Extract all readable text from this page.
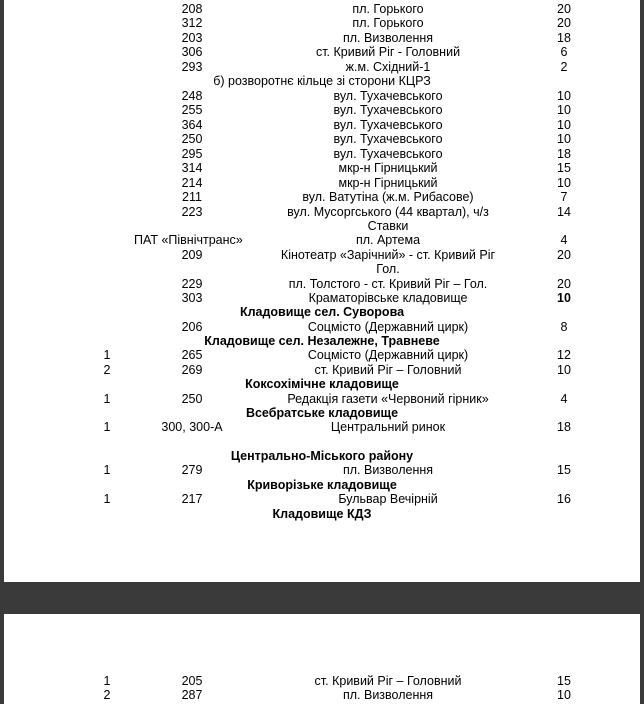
208	пл. Горького	20
312	пл. Горького	20
203	пл. Визволення	18
306	ст. Кривий Ріг - Головний	6
293	ж.м. Східний-1	2
б) розворотнє кільце зі сторони КЦРЗ
248	вул. Тухачевського	10
255	вул. Тухачевського	10
364	вул. Тухачевського	10
250	вул. Тухачевського	10
295	вул. Тухачевського	18
314	мкр-н Гірницький	15
214	мкр-н Гірницький	10
211	вул. Ватутіна (ж.м. Рибасове)	7
223	вул. Мусоргського (44 квартал), ч/з	14
Ставки
ПАТ «Північтранс»	пл. Артема	4
209	Кінотеатр «Зарічний» - ст. Кривий Ріг	20
Гол.
229	пл. Толстого - ст. Кривий Ріг – Гол.	20
303	Краматорівське кладовище	10
Кладовище сел. Суворова
206	Соцмісто (Державний цирк)	8
Кладовище сел. Незалежне, Травневе
1	265	Соцмісто (Державний цирк)	12
2	269	ст. Кривий Ріг – Головний	10
Коксохімічне кладовище
1	250	Редакція газети «Червоний гірник»	4
Всебратське кладовище
1	300, 300-А	Центральний ринок	18
Центрально-Міського району
1	279	пл. Визволення	15
Криворізьке кладовище
1	217	Бульвар Вечірній	16
Кладовище КДЗ
1	205	ст. Кривий Ріг – Головний	15
2	287	пл. Визволення	10
